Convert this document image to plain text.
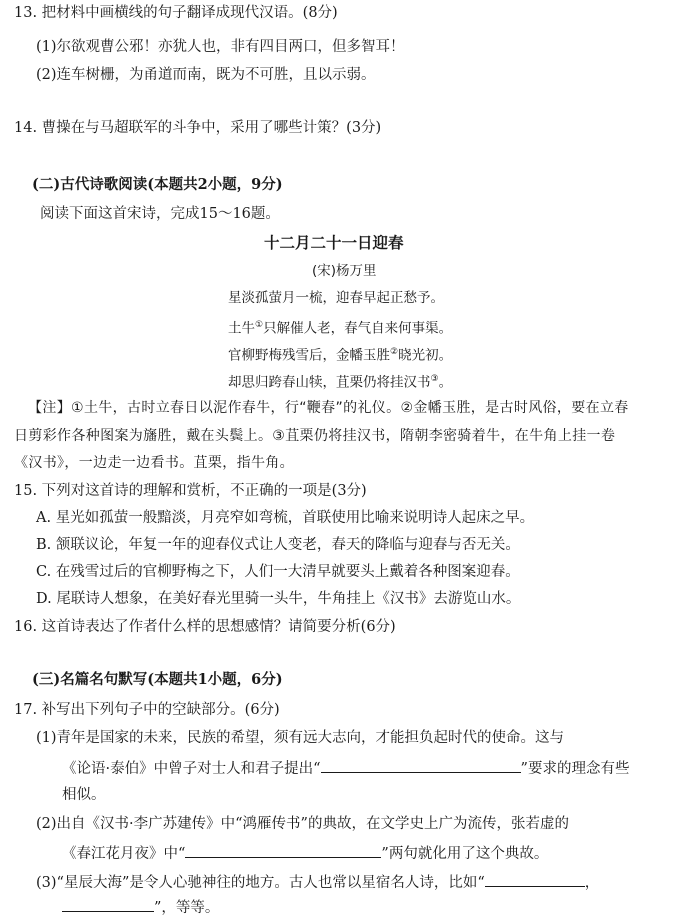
13. 把材料中画横线的句子翻译成现代汉语。(8分)
(1)尔欲观曹公邪！亦犹人也，非有四目两口，但多智耳！
(2)连车树栅，为甬道而南，既为不可胜，且以示弱。
14. 曹操在与马超联军的斗争中，采用了哪些计策？(3分)
(二)古代诗歌阅读(本题共2小题，9分)
阅读下面这首宋诗，完成15～16题。
十二月二十一日迎春
(宋)杨万里
星淡孤萤月一梳，迎春早起正愁予。
土牛①只解催人老，春气自来何事渠。
官柳野梅残雪后，金幡玉胜②晓光初。
却思归跨春山犊，苴栗仍将挂汉书③。
【注】①土牛，古时立春日以泥作春牛，行“鞭春”的礼仪。②金幡玉胜，是古时风俗，要在立春
日剪彩作各种图案为旛胜，戴在头鬓上。③苴栗仍将挂汉书，隋朝李密骑着牛，在牛角上挂一卷
《汉书》，一边走一边看书。苴栗，指牛角。
15. 下列对这首诗的理解和赏析，不正确的一项是(3分)
A. 星光如孤萤一般黯淡，月亮窄如弯梳，首联使用比喻来说明诗人起床之早。
B. 颔联议论，年复一年的迎春仪式让人变老，春天的降临与迎春与否无关。
C. 在残雪过后的官柳野梅之下，人们一大清早就要头上戴着各种图案迎春。
D. 尾联诗人想象，在美好春光里骑一头牛，牛角挂上《汉书》去游览山水。
16. 这首诗表达了作者什么样的思想感情？请简要分析(6分)
(三)名篇名句默写(本题共1小题，6分)
17. 补写出下列句子中的空缺部分。(6分)
(1)青年是国家的未来，民族的希望，须有远大志向，才能担负起时代的使命。这与
《论语·泰伯》中曾子对士人和君子提出“	”要求的理念有些
相似。
(2)出自《汉书·李广苏建传》中“鸿雁传书”的典故，在文学史上广为流传，张若虚的
《春江花月夜》中“	”两句就化用了这个典故。
(3)“星辰大海”是令人心驰神往的地方。古人也常以星宿名人诗，比如“	，
”，等等。
